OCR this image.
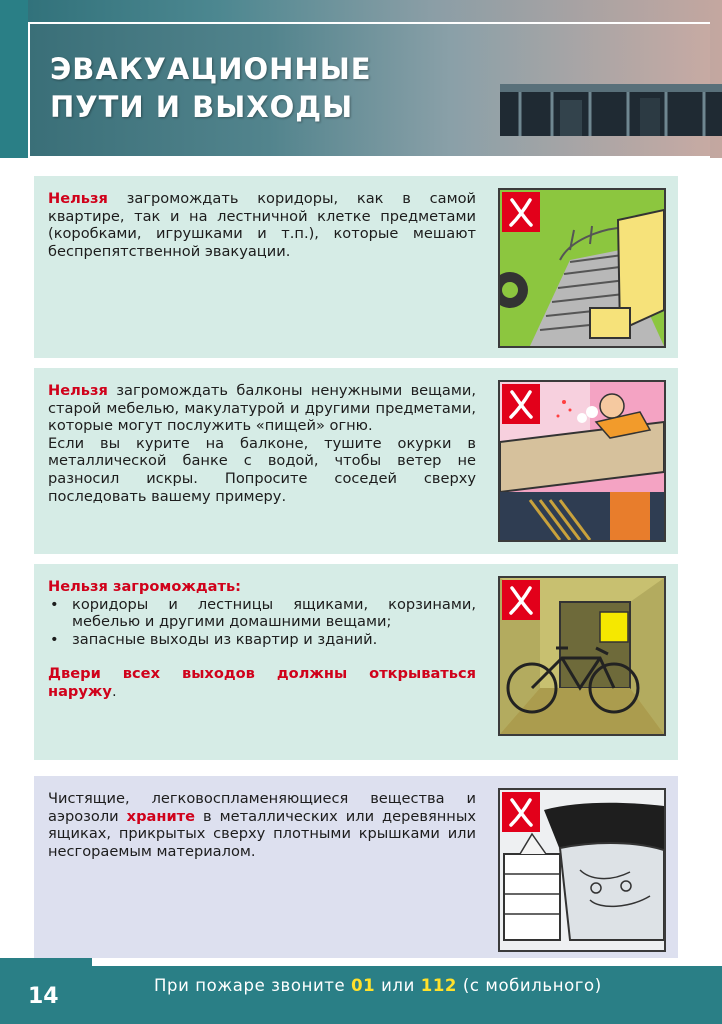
ЭВАКУАЦИОННЫЕ
ПУТИ И ВЫХОДЫ
Нельзя загромождать коридоры, как в самой квартире, так и на лестничной клетке предметами (коробками, игрушками и т.п.), которые мешают беспрепятственной эвакуации.

Нельзя загромождать балконы ненужными вещами, старой мебелью, макулатурой и другими предметами, которые могут послужить «пищей» огню.

Если вы курите на балконе, тушите окурки в металлической банке с водой, чтобы ветер не разносил искры. Попросите соседей сверху последовать вашему примеру.

Нельзя загромождать:

• коридоры и лестницы ящиками, корзинами, мебелью и другими домашними вещами;
• запасные выходы из квартир и зданий.

Двери всех выходов должны открываться наружу.

Чистящие, легковоспламеняющиеся вещества и аэрозоли храните в металлических или деревянных ящиках, прикрытых сверху плотными крышками или несгораемым материалом.
14	При пожаре звоните 01 или 112 (с мобильного)
